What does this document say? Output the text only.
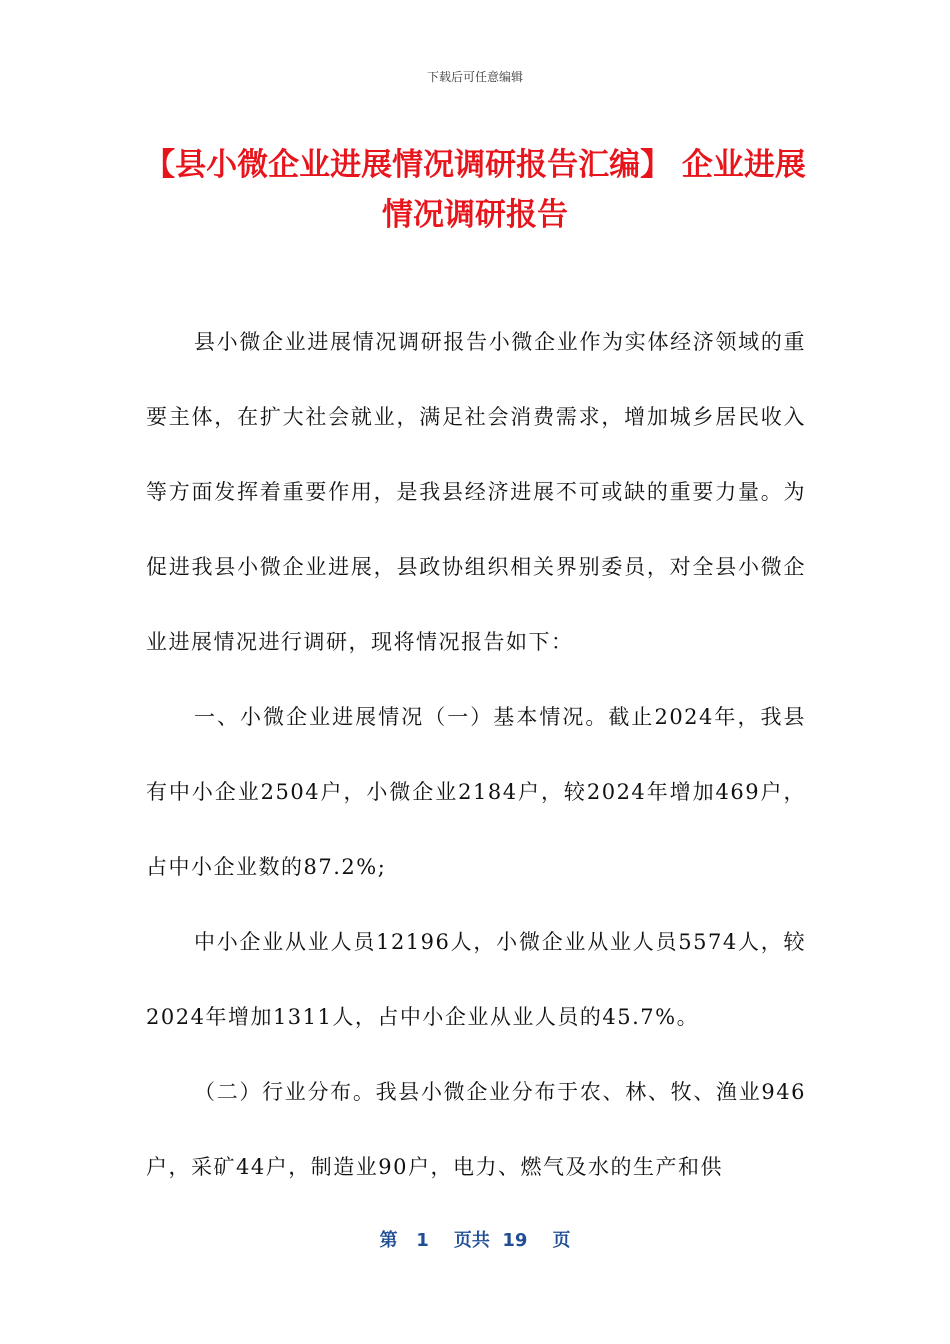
下载后可任意编辑
【县小微企业进展情况调研报告汇编】 企业进展情况调研报告

县小微企业进展情况调研报告小微企业作为实体经济领域的重要主体，在扩大社会就业，满足社会消费需求，增加城乡居民收入等方面发挥着重要作用，是我县经济进展不可或缺的重要力量。为促进我县小微企业进展，县政协组织相关界别委员，对全县小微企业进展情况进行调研，现将情况报告如下：

一、小微企业进展情况（一）基本情况。截止2024年，我县有中小企业2504户，小微企业2184户，较2024年增加469户，占中小企业数的87.2%;

中小企业从业人员12196人，小微企业从业人员5574人，较2024年增加1311人，占中小企业从业人员的45.7%。

（二）行业分布。我县小微企业分布于农、林、牧、渔业946户，采矿44户，制造业90户，电力、燃气及水的生产和供

第 1 页共 19 页
